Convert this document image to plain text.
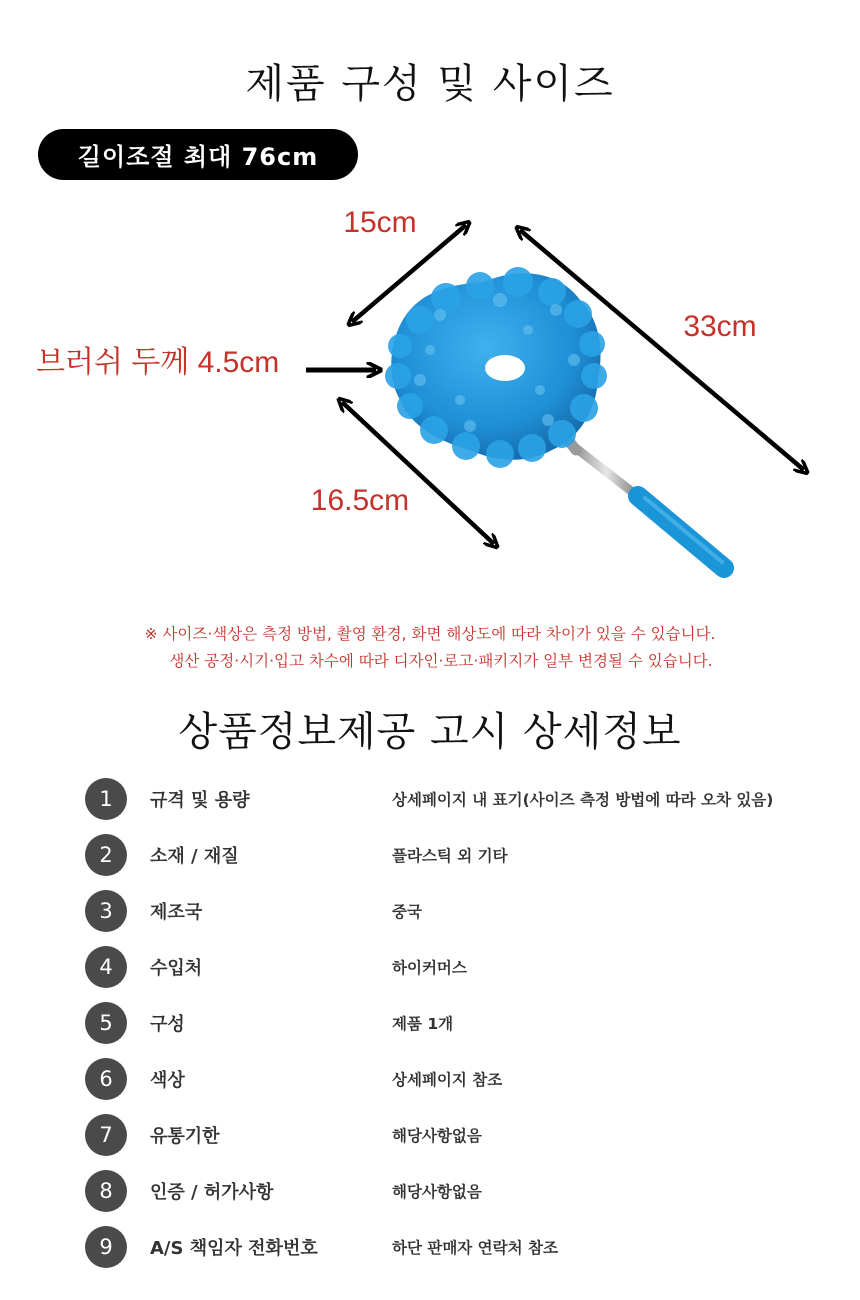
제품 구성 및 사이즈
길이조절 최대 76cm
15cm
33cm
브러쉬 두께 4.5cm
16.5cm
※ 사이즈·색상은 측정 방법, 촬영 환경, 화면 해상도에 따라 차이가 있을 수 있습니다.
생산 공정·시기·입고 차수에 따라 디자인·로고·패키지가 일부 변경될 수 있습니다.
상품정보제공 고시 상세정보
1	규격 및 용량	상세페이지 내 표기(사이즈 측정 방법에 따라 오차 있음)
2	소재 / 재질	플라스틱 외 기타
3	제조국	중국
4	수입처	하이커머스
5	구성	제품 1개
6	색상	상세페이지 참조
7	유통기한	해당사항없음
8	인증 / 허가사항	해당사항없음
9	A/S 책임자 전화번호	하단 판매자 연락처 참조
